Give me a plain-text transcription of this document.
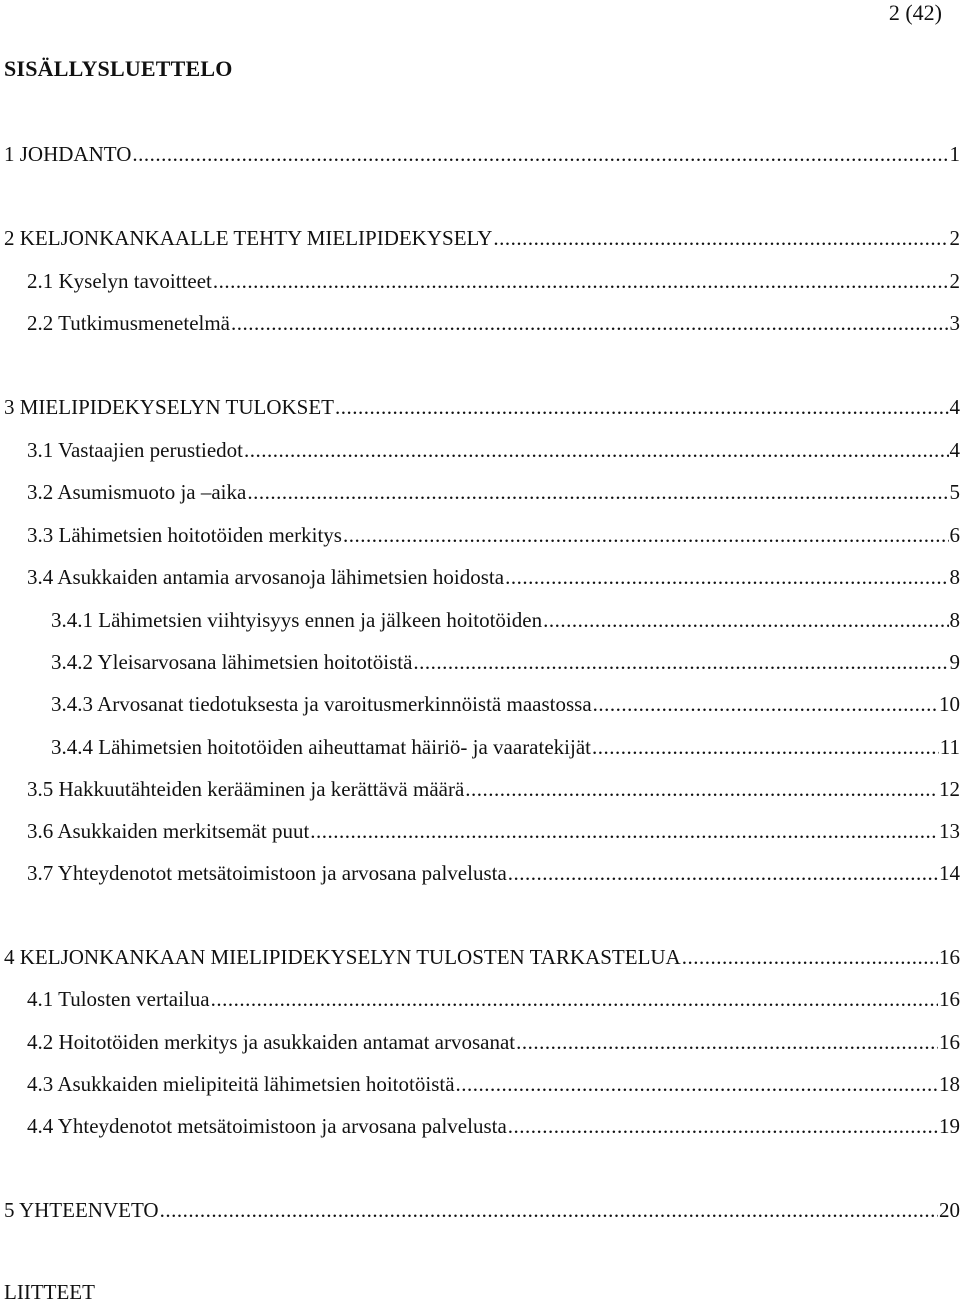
2 (42)
SISÄLLYSLUETTELO
1 JOHDANTO .....	1
2 KELJONKANKAALLE TEHTY MIELIPIDEKYSELY .....	2
2.1 Kyselyn tavoitteet .....	2
2.2 Tutkimusmenetelmä .....	3
3 MIELIPIDEKYSELYN TULOKSET .....	4
3.1 Vastaajien perustiedot .....	4
3.2 Asumismuoto ja –aika .....	5
3.3 Lähimetsien hoitotöiden merkitys .....	6
3.4 Asukkaiden antamia arvosanoja lähimetsien hoidosta .....	8
3.4.1 Lähimetsien viihtyisyys ennen ja jälkeen hoitotöiden .....	8
3.4.2 Yleisarvosana lähimetsien hoitotöistä .....	9
3.4.3 Arvosanat tiedotuksesta ja varoitusmerkinnöistä maastossa .....	10
3.4.4 Lähimetsien hoitotöiden aiheuttamat häiriö- ja vaaratekijät .....	11
3.5 Hakkuutähteiden kerääminen ja kerättävä määrä .....	12
3.6 Asukkaiden merkitsemät puut .....	13
3.7 Yhteydenotot metsätoimistoon ja arvosana palvelusta .....	14
4 KELJONKANKAAN MIELIPIDEKYSELYN TULOSTEN TARKASTELUA .....	16
4.1 Tulosten vertailua .....	16
4.2 Hoitotöiden merkitys ja asukkaiden antamat arvosanat .....	16
4.3 Asukkaiden mielipiteitä lähimetsien hoitotöistä .....	18
4.4 Yhteydenotot metsätoimistoon ja arvosana palvelusta .....	19
5 YHTEENVETO .....	20
LIITTEET
